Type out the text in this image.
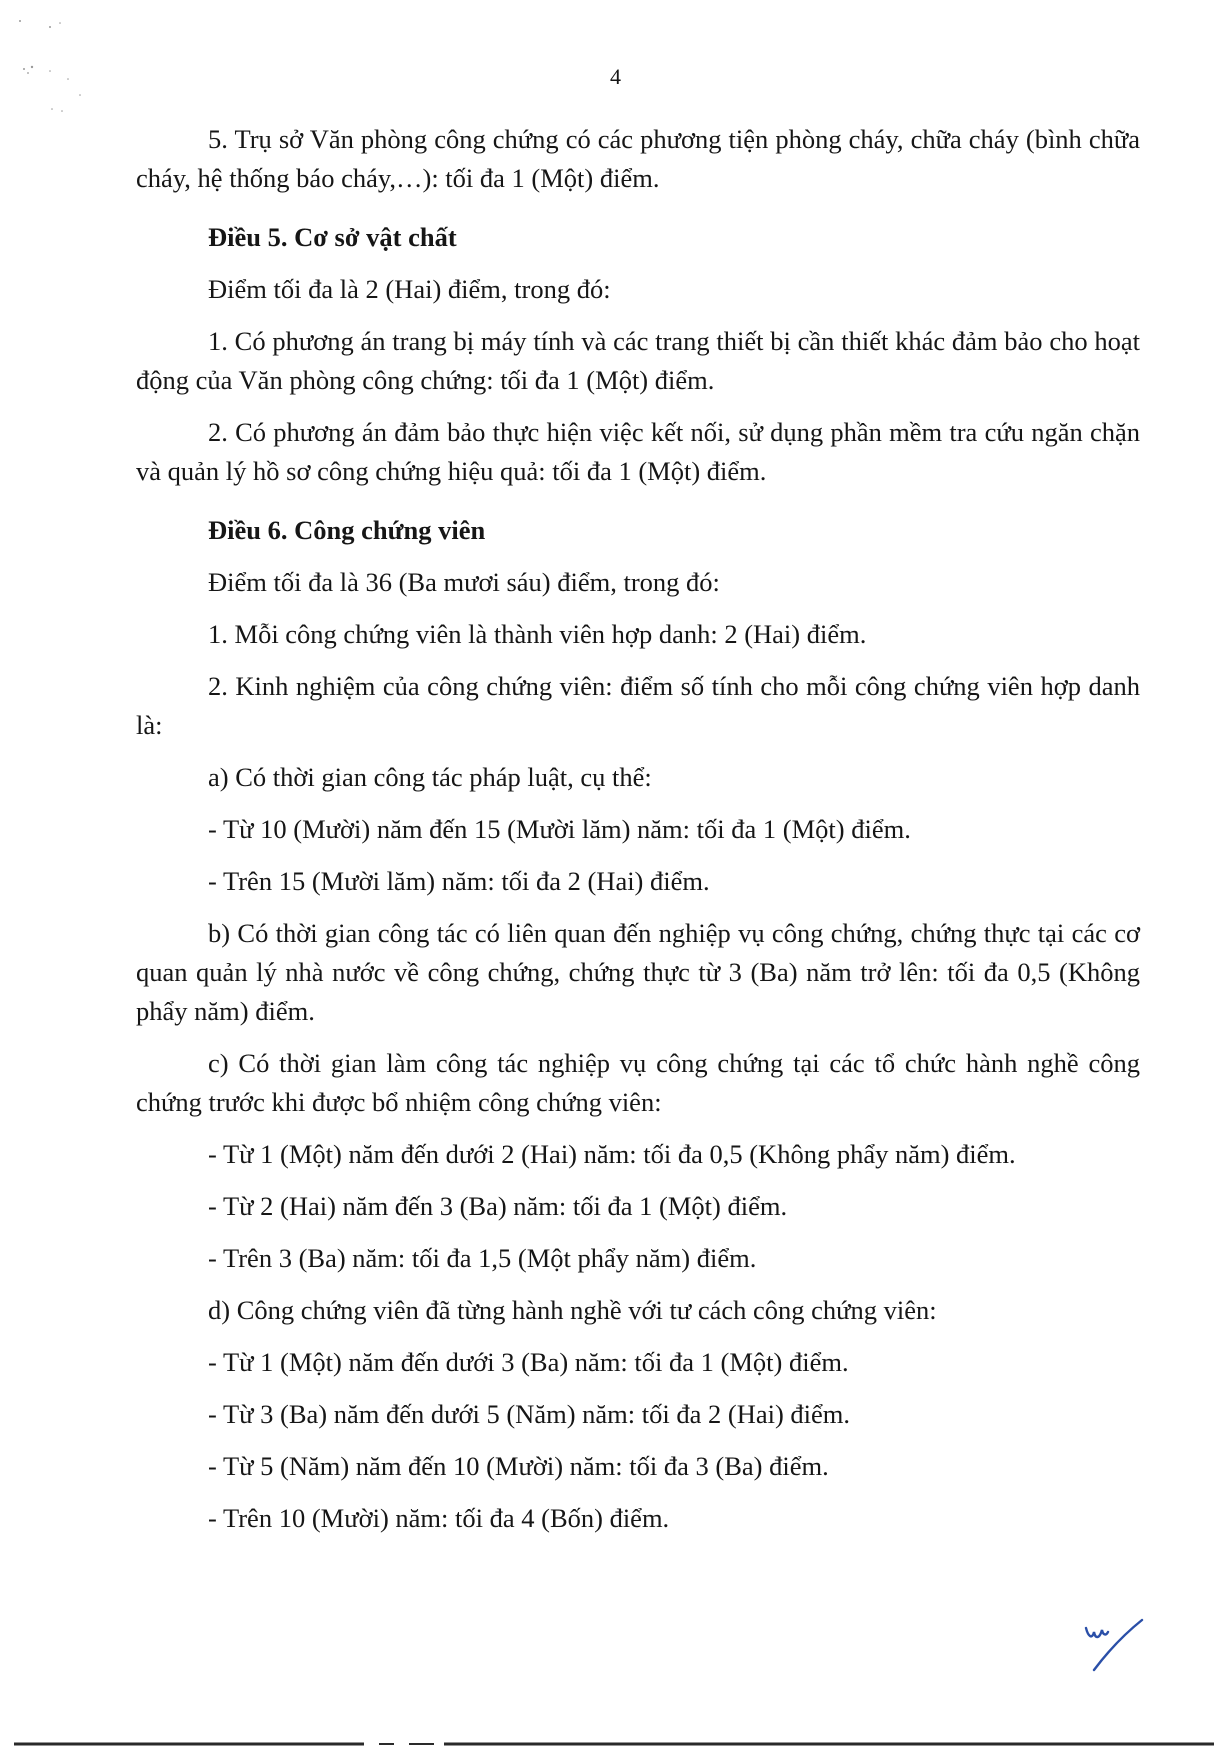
4

5. Trụ sở Văn phòng công chứng có các phương tiện phòng cháy, chữa cháy (bình chữa cháy, hệ thống báo cháy,…): tối đa 1 (Một) điểm.

Điều 5. Cơ sở vật chất

Điểm tối đa là 2 (Hai) điểm, trong đó:

1. Có phương án trang bị máy tính và các trang thiết bị cần thiết khác đảm bảo cho hoạt động của Văn phòng công chứng: tối đa 1 (Một) điểm.

2. Có phương án đảm bảo thực hiện việc kết nối, sử dụng phần mềm tra cứu ngăn chặn và quản lý hồ sơ công chứng hiệu quả: tối đa 1 (Một) điểm.

Điều 6. Công chứng viên

Điểm tối đa là 36 (Ba mươi sáu) điểm, trong đó:

1. Mỗi công chứng viên là thành viên hợp danh: 2 (Hai) điểm.

2. Kinh nghiệm của công chứng viên: điểm số tính cho mỗi công chứng viên hợp danh là:

a) Có thời gian công tác pháp luật, cụ thể:

- Từ 10 (Mười) năm đến 15 (Mười lăm) năm: tối đa 1 (Một) điểm.

- Trên 15 (Mười lăm) năm: tối đa 2 (Hai) điểm.

b) Có thời gian công tác có liên quan đến nghiệp vụ công chứng, chứng thực tại các cơ quan quản lý nhà nước về công chứng, chứng thực từ 3 (Ba) năm trở lên: tối đa 0,5 (Không phẩy năm) điểm.

c) Có thời gian làm công tác nghiệp vụ công chứng tại các tổ chức hành nghề công chứng trước khi được bổ nhiệm công chứng viên:

- Từ 1 (Một) năm đến dưới 2 (Hai) năm: tối đa 0,5 (Không phẩy năm) điểm.

- Từ 2 (Hai) năm đến 3 (Ba) năm: tối đa 1 (Một) điểm.

- Trên 3 (Ba) năm: tối đa 1,5 (Một phẩy năm) điểm.

d) Công chứng viên đã từng hành nghề với tư cách công chứng viên:

- Từ 1 (Một) năm đến dưới 3 (Ba) năm: tối đa 1 (Một) điểm.

- Từ 3 (Ba) năm đến dưới 5 (Năm) năm: tối đa 2 (Hai) điểm.

- Từ 5 (Năm) năm đến 10 (Mười) năm: tối đa 3 (Ba) điểm.

- Trên 10 (Mười) năm: tối đa 4 (Bốn) điểm.
